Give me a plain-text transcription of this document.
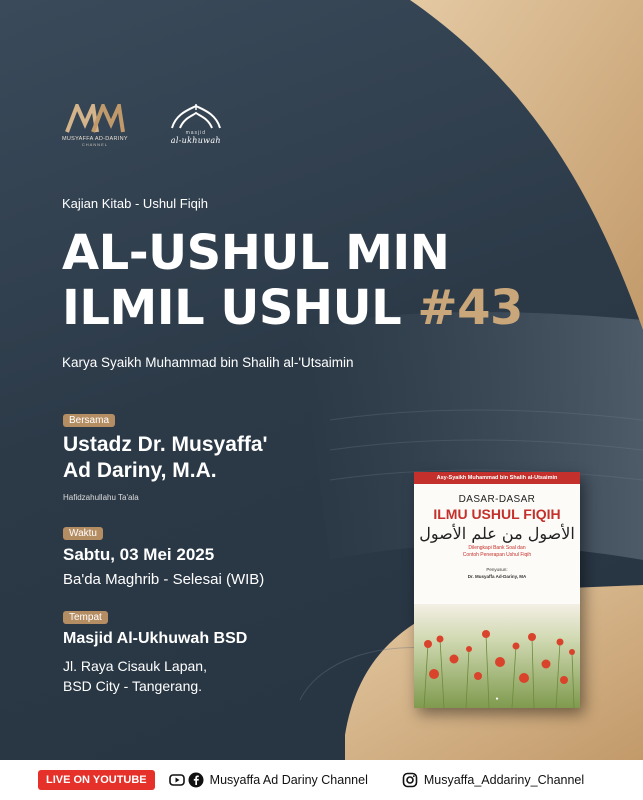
MUSYAFFA AD-DARINY
CHANNEL
masjid
al-ukhuwah
Kajian Kitab - Ushul Fiqih
AL-USHUL MIN
ILMIL USHUL #43
Karya Syaikh Muhammad bin Shalih al-'Utsaimin
Bersama
Ustadz Dr. Musyaffa'
Ad Dariny, M.A.
Hafidzahullahu Ta'ala
Waktu
Sabtu, 03 Mei 2025
Ba'da Maghrib - Selesai (WIB)
Tempat
Masjid Al-Ukhuwah BSD
Jl. Raya Cisauk Lapan,
BSD City - Tangerang.
Asy-Syaikh Muhammad bin Shalih al-Utsaimin
DASAR-DASAR
ILMU USHUL FIQIH
الأصول من علم الأصول
Dilengkapi Bank Soal dan
Contoh Penerapan Ushul Fiqih
Penyusun:
Dr. Musyaffa Ad-Dariny, MA
●
LIVE ON YOUTUBE	Musyaffa Ad Dariny Channel	Musyaffa_Addariny_Channel
